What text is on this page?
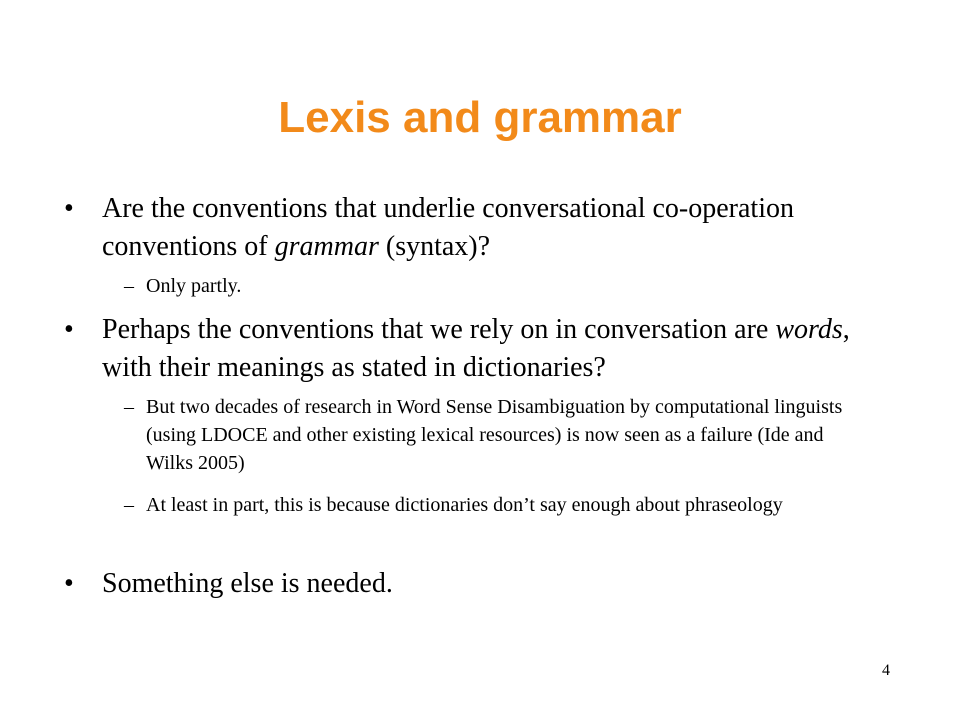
Lexis and grammar
•	Are the conventions that underlie conversational co-operation conventions of grammar (syntax)?
– Only partly.
•	Perhaps the conventions that we rely on in conversation are words, with their meanings as stated in dictionaries?
– But two decades of research in Word Sense Disambiguation by computational linguists (using LDOCE and other existing lexical resources) is now seen as a failure (Ide and Wilks 2005)
– At least in part, this is because dictionaries don’t say enough about phraseology
•	Something else is needed.
4
